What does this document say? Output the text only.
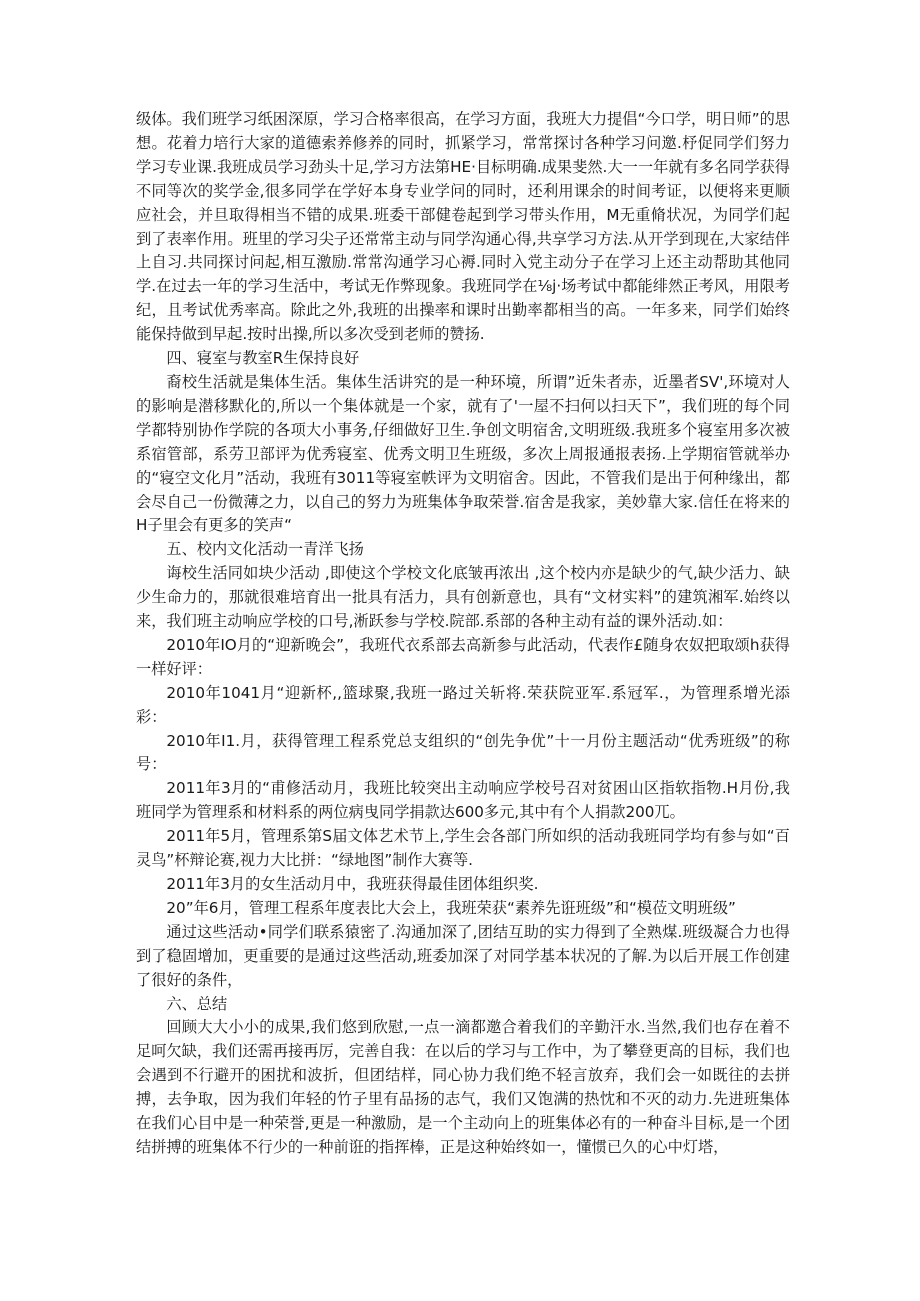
级体。我们班学习纸困深原，学习合格率很高，在学习方面，我班大力提倡“今口学，明日师”的思想。花着力培行大家的道德索养修养的同时，抓紧学习，常常探讨各种学习问邀.杼促同学们努力学习专业课.我班成员学习劲头十足,学习方法第HE·目标明确.成果斐然.大一一年就有多名同学获得不同等次的奖学金,很多同学在学好本身专业学问的同时，还利用课余的时间考证，以便将来更顺应社会，并旦取得相当不错的成果.班委干部健卷起到学习带头作用，M无重脩状况，为同学们起到了表率作用。班里的学习尖子还常常主动与同学沟通心得,共享学习方法.从开学到现在,大家结伴上自习.共同探讨问起,相互激励.常常沟通学习心褥.同时入党主动分子在学习上还主动帮助其他同学.在过去一年的学习生活中，考试无作弊现象。我班同学在⅛j·场考试中都能绯然正考风，用限考纪，且考试优秀率高。除此之外,我班的出操率和课时出勤率都相当的高。一年多来，同学们始终能保持做到早起.按时出操,所以多次受到老师的赞扬.

四、寝室与教室R生保持良好

裔校生活就是集体生活。集体生活讲究的是一种环境，所谓”近朱者赤，近墨者SV',环境对人的影响是潜移默化的,所以一个集体就是一个家，就有了'一屋不扫何以扫天下”，我们班的每个同学都特别协作学院的各项大小事务,仔细做好卫生.争创文明宿舍,文明班级.我班多个寝室用多次被系宿管部，系劳卫部评为优秀寝室、优秀文明卫生班级，多次上周报通报表扬.上学期宿管就举办的“寝空文化月”活动，我班有3011等寝室帙评为文明宿舍。因此，不管我们是出于何种缘出，都会尽自己一份微薄之力，以自己的努力为班集体争取荣誉.宿舍是我家，美妙靠大家.信任在将来的H子里会有更多的笑声“

五、校内文化活动一青洋飞扬

诲校生活同如块少活动 ,即使这个学校文化底皱再浓出 ,这个校内亦是缺少的气,缺少活力、缺少生命力的，那就很难培育出一批具有活力，具有创新意也，具有“文材实料”的建筑湘军.始终以来，我们班主动响应学校的口号,淅跃参与学校.院部.系部的各种主动有益的课外活动.如：

2010年IO月的“迎新晚会”，我班代衣系部去高新参与此活动，代表作£随身农奴把取颂h获得一样好评：

2010年1041月“迎新杯,,篮球聚,我班一路过关斩将.荣获院亚军.系冠军.，为管理系增光添彩：

2010年I1.月，获得管理工程系党总支组织的“创先争优”十一月份主题活动“优秀班级”的称号：

2011年3月的“甫修活动月，我班比较突出主动响应学校号召对贫困山区指软指物.H月份,我班同学为管理系和材料系的两位病曳同学捐款达600多元,其中有个人捐款200兀。

2011年5月，管理系第S届文体艺术节上,学生会各部门所如织的活动我班同学均有参与如“百灵鸟”杯辩论赛,视力大比拼：“绿地图”制作大赛等.

2011年3月的女生活动月中，我班获得最佳团体组织奖.

20”年6月，管理工程系年度表比大会上，我班荣获“素养先诳班级”和“模莅文明班级”

通过这些活动•同学们联系猿密了.沟通加深了,团结互助的实力得到了全熟煤.班级凝合力也得到了稳固增加，更重要的是通过这些活动,班委加深了对同学基本状况的了解.为以后开展工作创建了很好的条件，

六、总结

回顾大大小小的成果,我们悠到欣慰,一点一滴都邀合着我们的辛勤汗水.当然,我们也存在着不足呵欠缺，我们还需再接再厉，完善自我：在以后的学习与工作中，为了攀登更高的目标，我们也会遇到不行避开的困扰和波折，但团结样，同心协力我们绝不轻言放弃，我们会一如既往的去拼搏，去争取，因为我们年轻的竹子里有品扬的志气，我们又饱满的热忱和不灭的动力.先进班集体在我们心目中是一种荣誉,更是一种激励，是一个主动向上的班集体必有的一种奋斗目标,是一个团结拼搏的班集体不行少的一种前诳的指挥棒，正是这种始终如一，懂惯已久的心中灯塔，
